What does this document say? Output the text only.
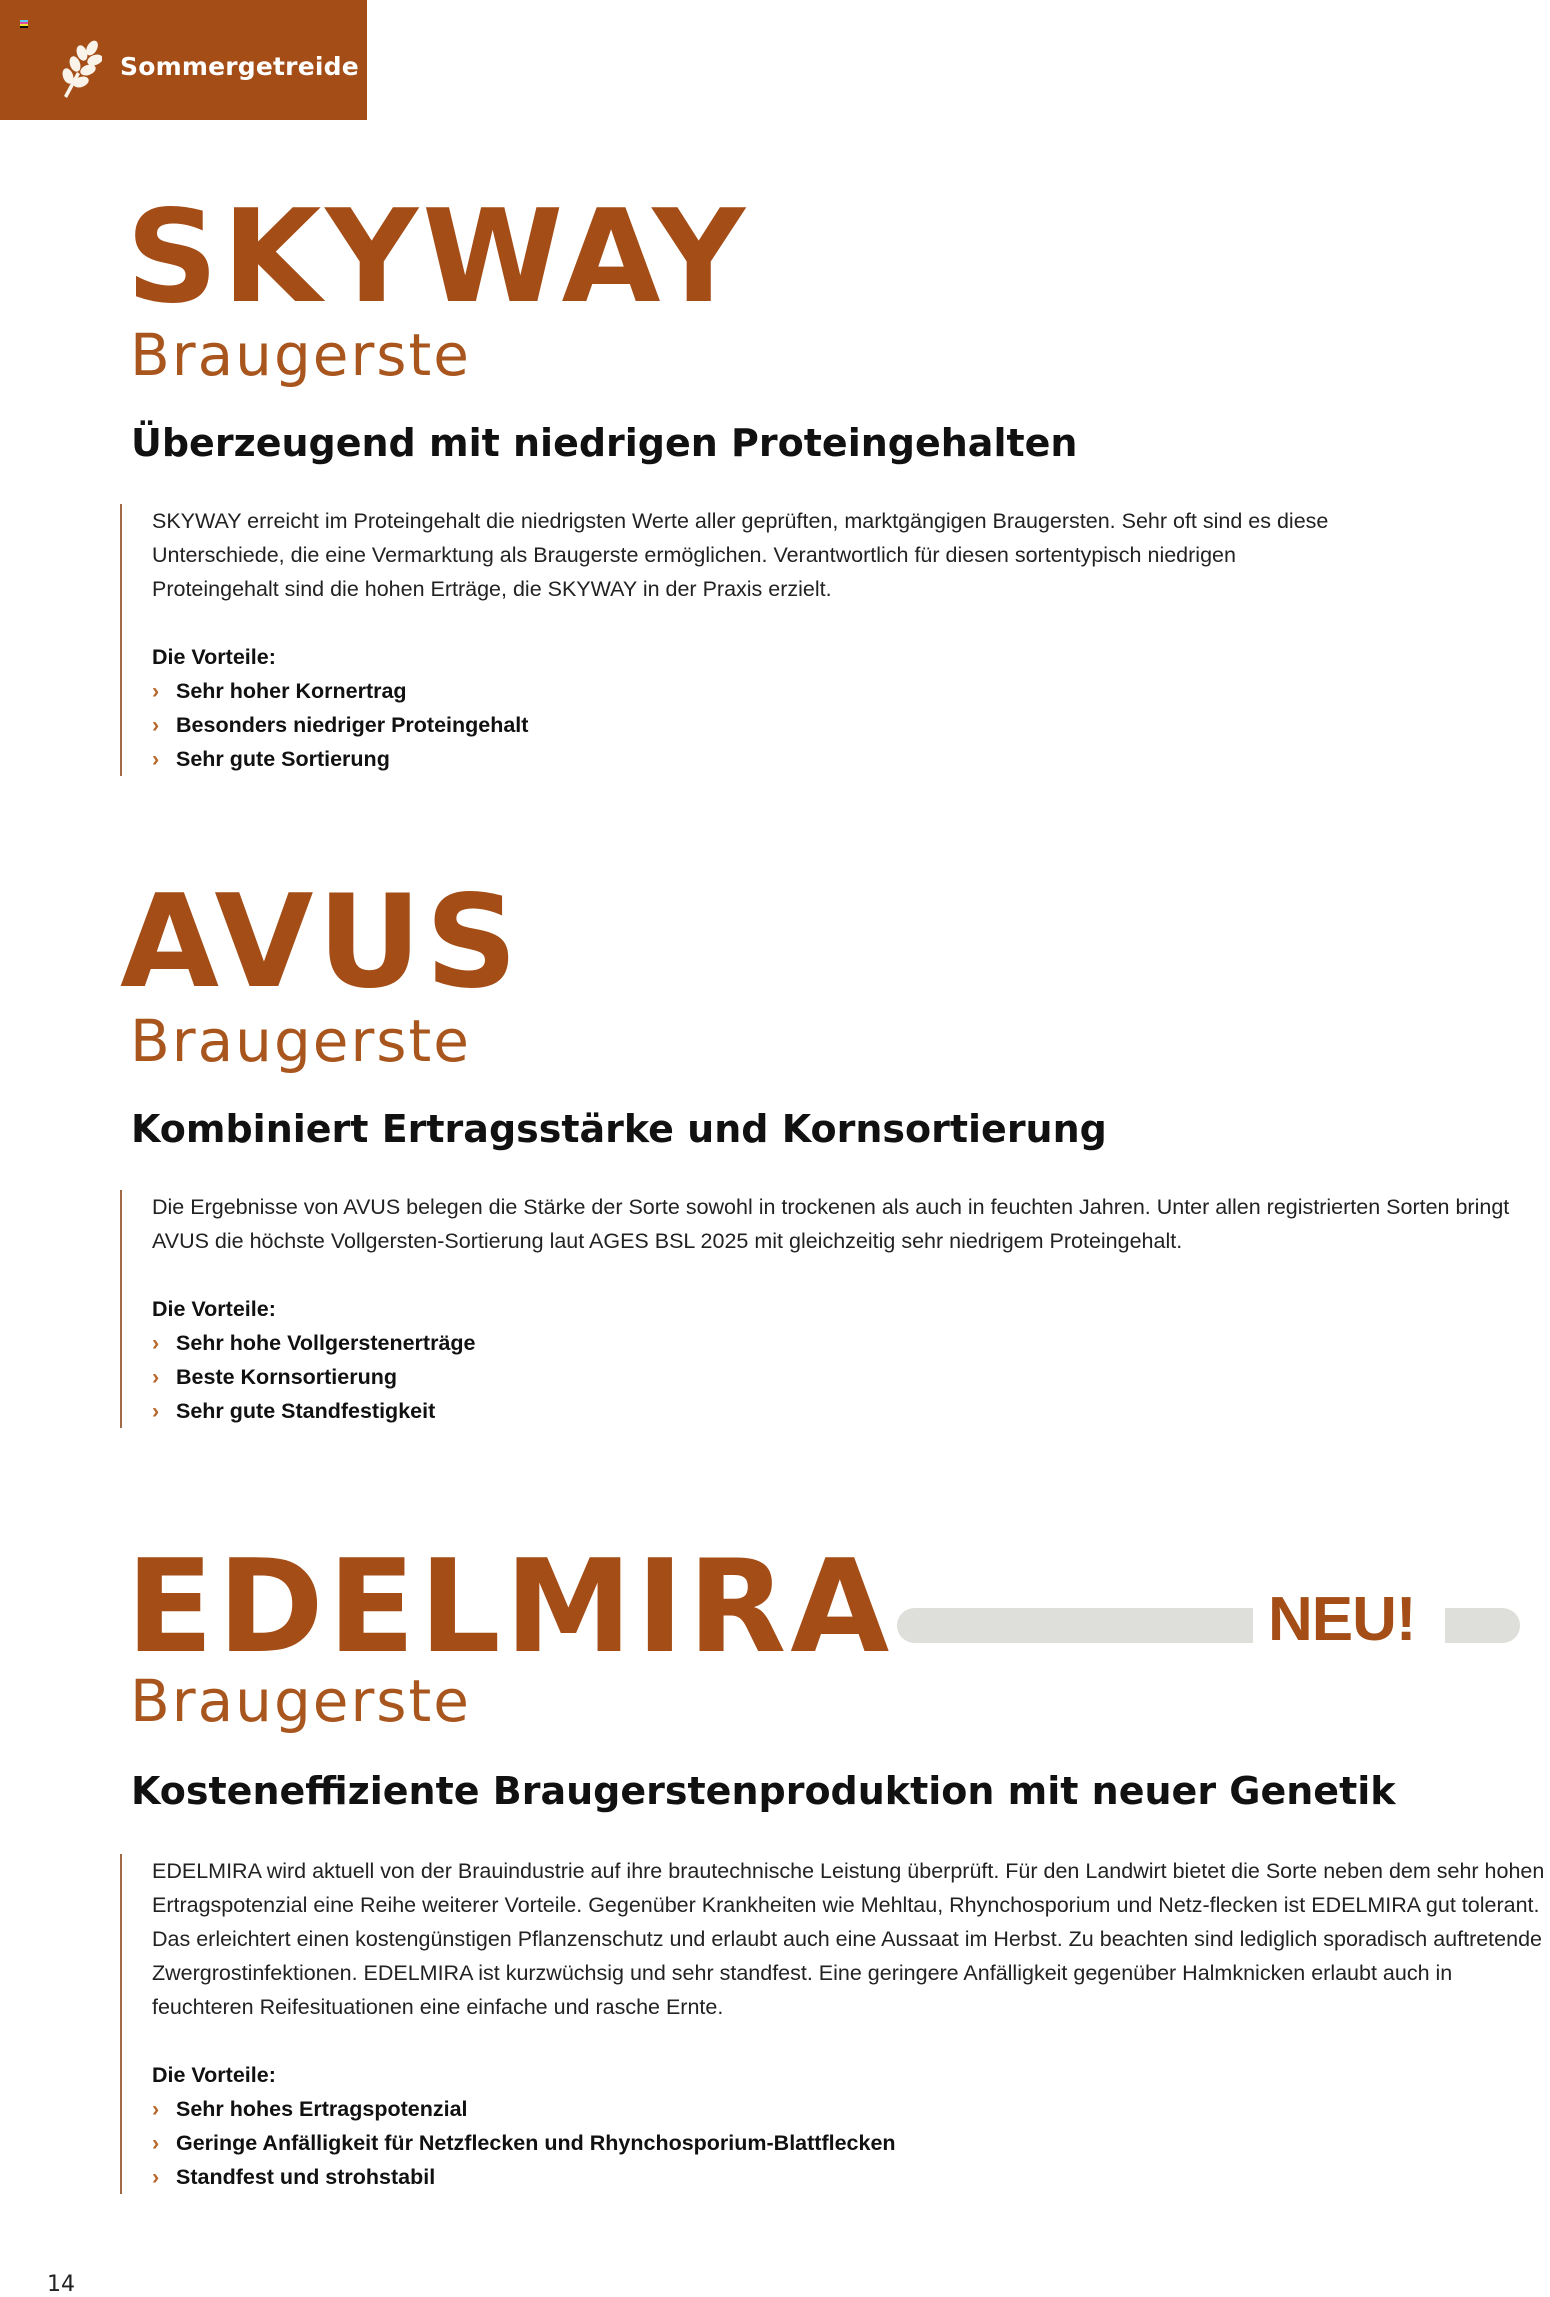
Sommergetreide
SKYWAY
Braugerste
Überzeugend mit niedrigen Proteingehalten

SKYWAY erreicht im Proteingehalt die niedrigsten Werte aller geprüften, marktgängigen Braugersten. Sehr oft sind es diese Unterschiede, die eine Vermarktung als Braugerste ermöglichen. Verantwortlich für diesen sortentypisch niedrigen Proteingehalt sind die hohen Erträge, die SKYWAY in der Praxis erzielt.

Die Vorteile:
› Sehr hoher Kornertrag
› Besonders niedriger Proteingehalt
› Sehr gute Sortierung
AVUS
Braugerste
Kombiniert Ertragsstärke und Kornsortierung

Die Ergebnisse von AVUS belegen die Stärke der Sorte sowohl in trockenen als auch in feuchten Jahren. Unter allen registrierten Sorten bringt AVUS die höchste Vollgersten-Sortierung laut AGES BSL 2025 mit gleichzeitig sehr niedrigem Proteingehalt.

Die Vorteile:
› Sehr hohe Vollgerstenerträge
› Beste Kornsortierung
› Sehr gute Standfestigkeit
EDELMIRA	NEU!
Braugerste
Kosteneffiziente Braugerstenproduktion mit neuer Genetik

EDELMIRA wird aktuell von der Brauindustrie auf ihre brautechnische Leistung überprüft. Für den Landwirt bietet die Sorte neben dem sehr hohen Ertragspotenzial eine Reihe weiterer Vorteile. Gegenüber Krankheiten wie Mehltau, Rhynchosporium und Netz-flecken ist EDELMIRA gut tolerant. Das erleichtert einen kostengünstigen Pflanzenschutz und erlaubt auch eine Aussaat im Herbst. Zu beachten sind lediglich sporadisch auftretende Zwergrostinfektionen. EDELMIRA ist kurzwüchsig und sehr standfest. Eine geringere Anfälligkeit gegenüber Halmknicken erlaubt auch in feuchteren Reifesituationen eine einfache und rasche Ernte.

Die Vorteile:
› Sehr hohes Ertragspotenzial
› Geringe Anfälligkeit für Netzflecken und Rhynchosporium-Blattflecken
› Standfest und strohstabil
14
